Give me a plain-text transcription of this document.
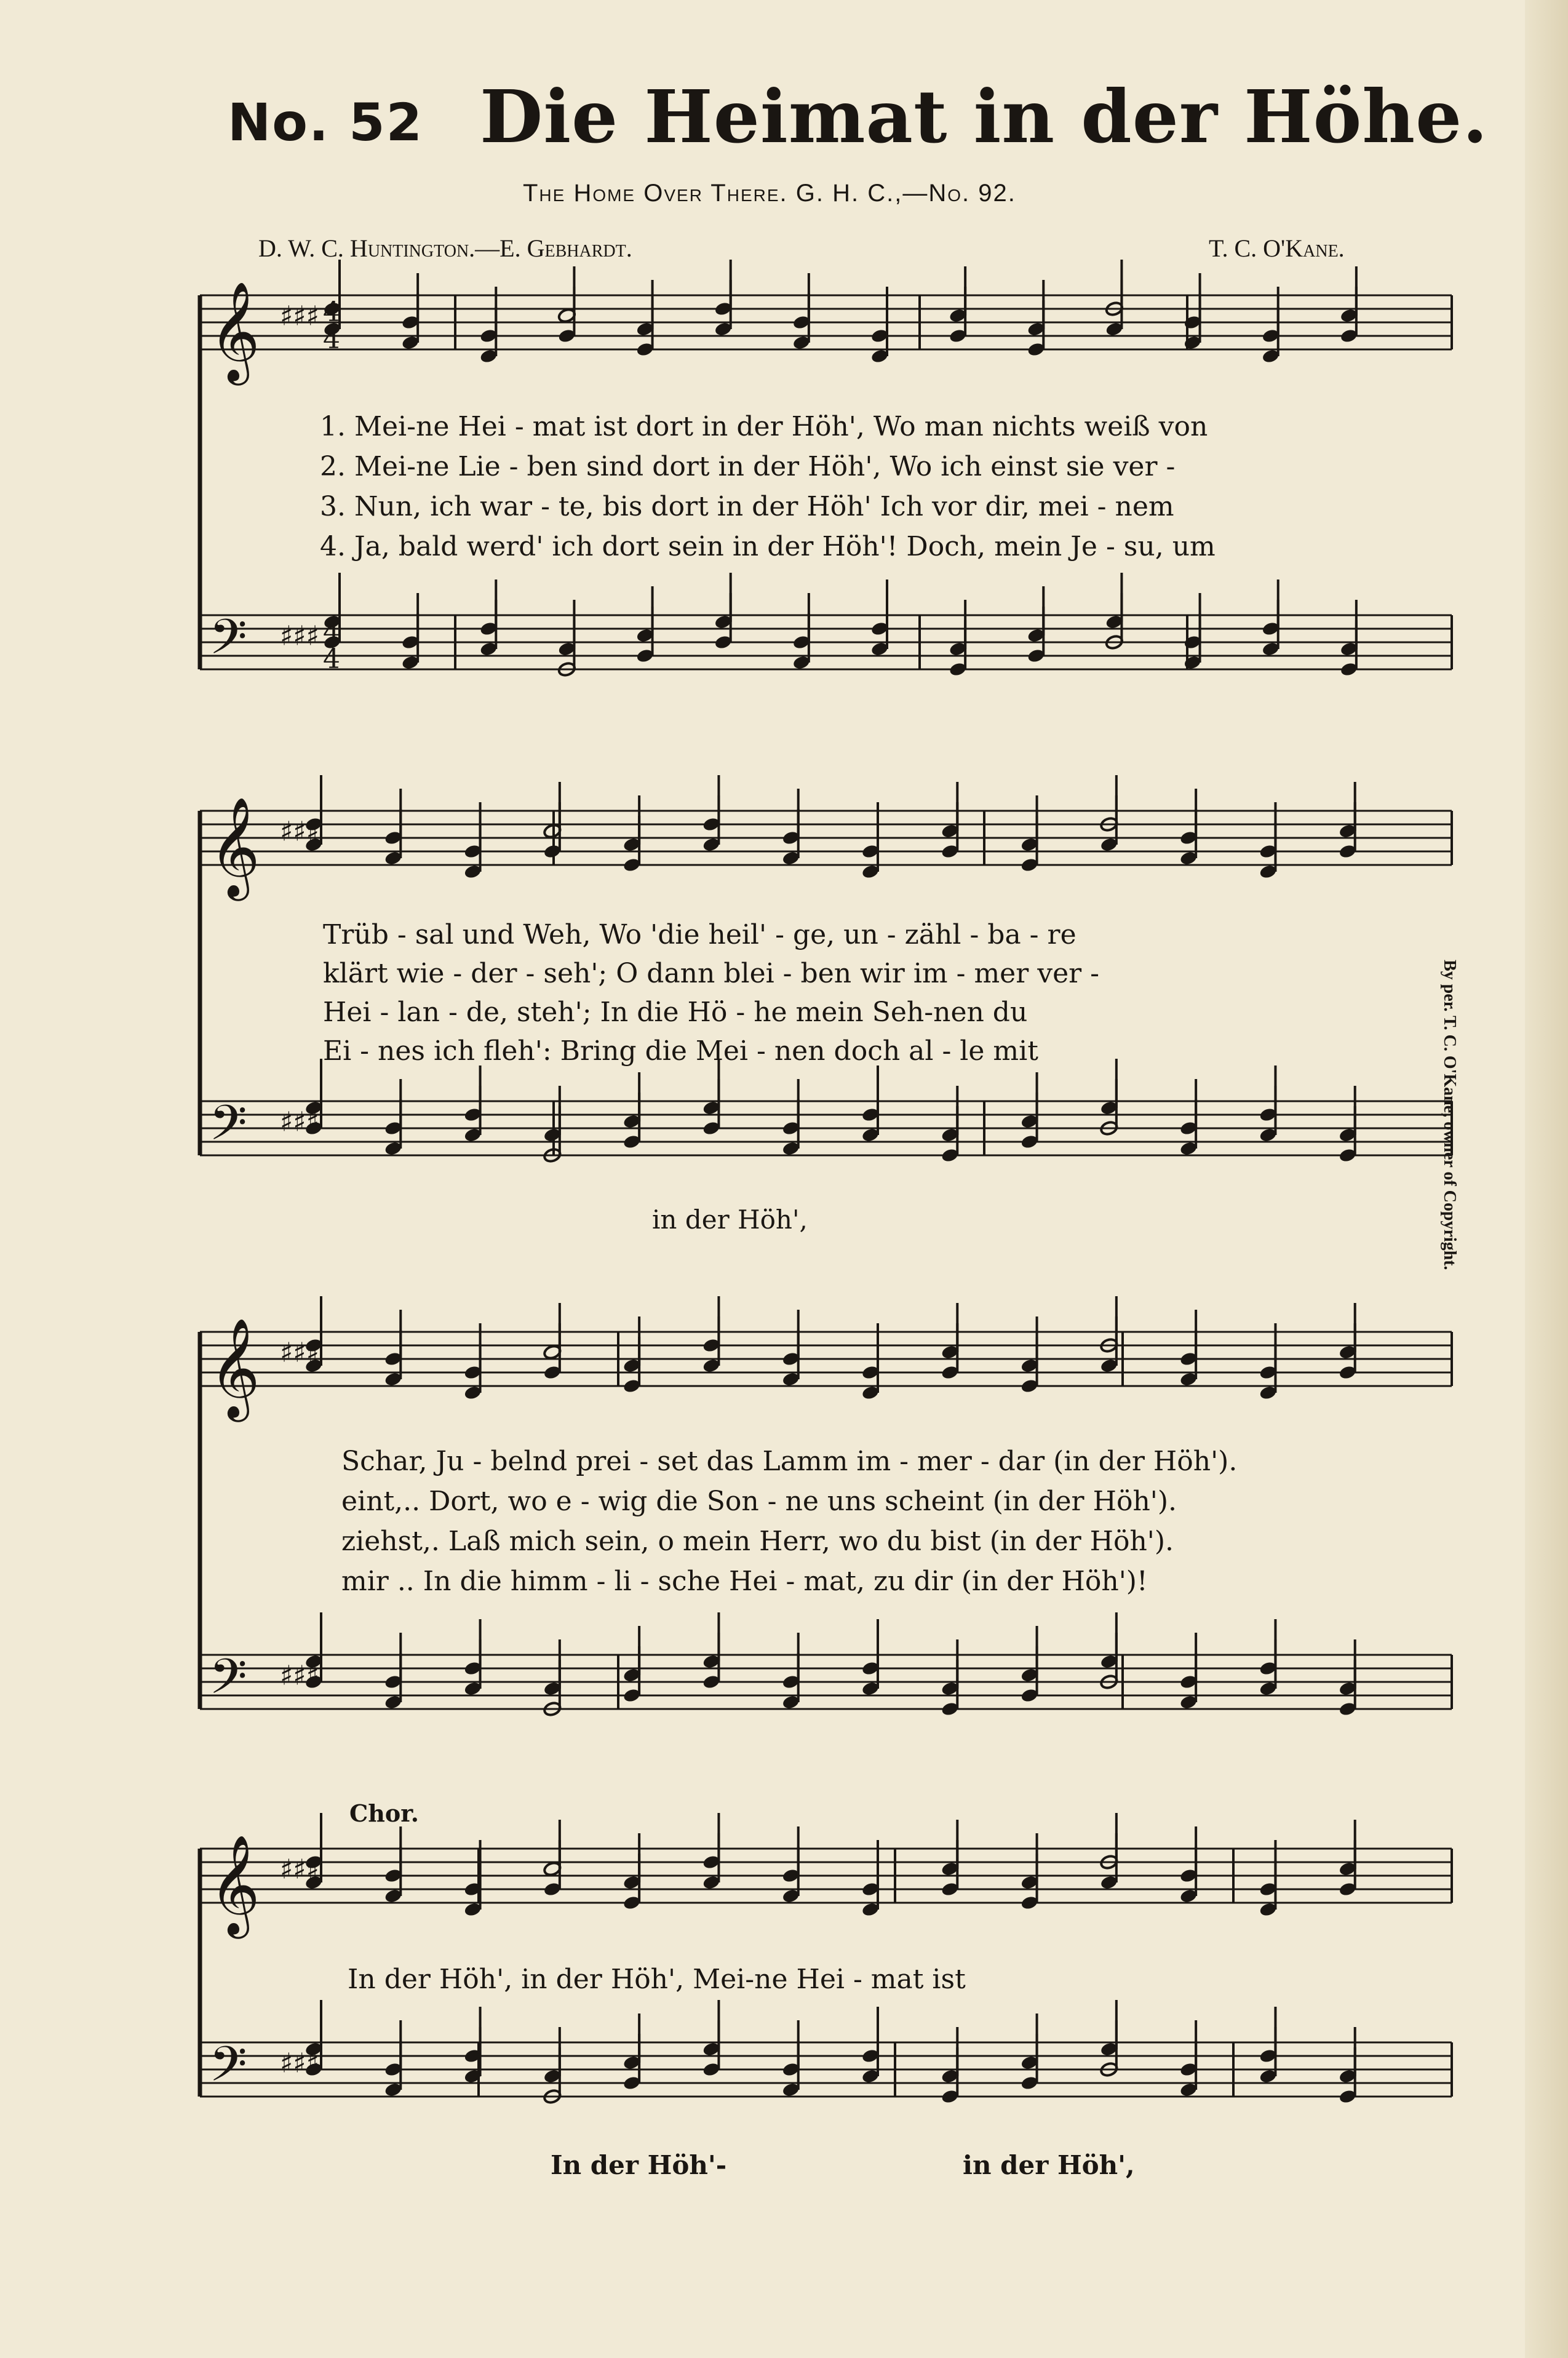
No. 52 Die Heimat in der Höhe.
The Home Over There. G. H. C.,—No. 92.
D. W. C. Huntington.—E. Gebhardt.	T. C. O'Kane.
By per. T. C. O'Kane, owner of Copyright.
𝄞 ♯♯♯ 4
4
𝄢 ♯♯♯ 4
4
𝄞 ♯♯♯
𝄢 ♯♯♯
𝄞 ♯♯♯
𝄢 ♯♯♯
𝄞 ♯♯♯
𝄢 ♯♯♯
1. Mei-ne Hei - mat ist dort in der Höh', Wo man nichts weiß von
2. Mei-ne Lie - ben sind dort in der Höh', Wo ich einst sie ver -
3. Nun, ich war - te, bis dort in der Höh' Ich vor dir, mei - nem
4. Ja, bald werd' ich dort sein in der Höh'! Doch, mein Je - su, um
Trüb - sal und Weh, Wo 'die heil' - ge, un - zähl - ba - re
klärt wie - der - seh'; O dann blei - ben wir im - mer ver -
Hei - lan - de, steh'; In die Hö - he mein Seh-nen du
Ei - nes ich fleh': Bring die Mei - nen doch al - le mit
in der Höh',
Schar, Ju - belnd prei - set das Lamm im - mer - dar (in der Höh').
eint,.. Dort, wo e - wig die Son - ne uns scheint (in der Höh').
ziehst,. Laß mich sein, o mein Herr, wo du bist (in der Höh').
mir .. In die himm - li - sche Hei - mat, zu dir (in der Höh')!
Chor.
In der Höh', in der Höh', Mei-ne Hei - mat ist
In der Höh'-	in der Höh',
